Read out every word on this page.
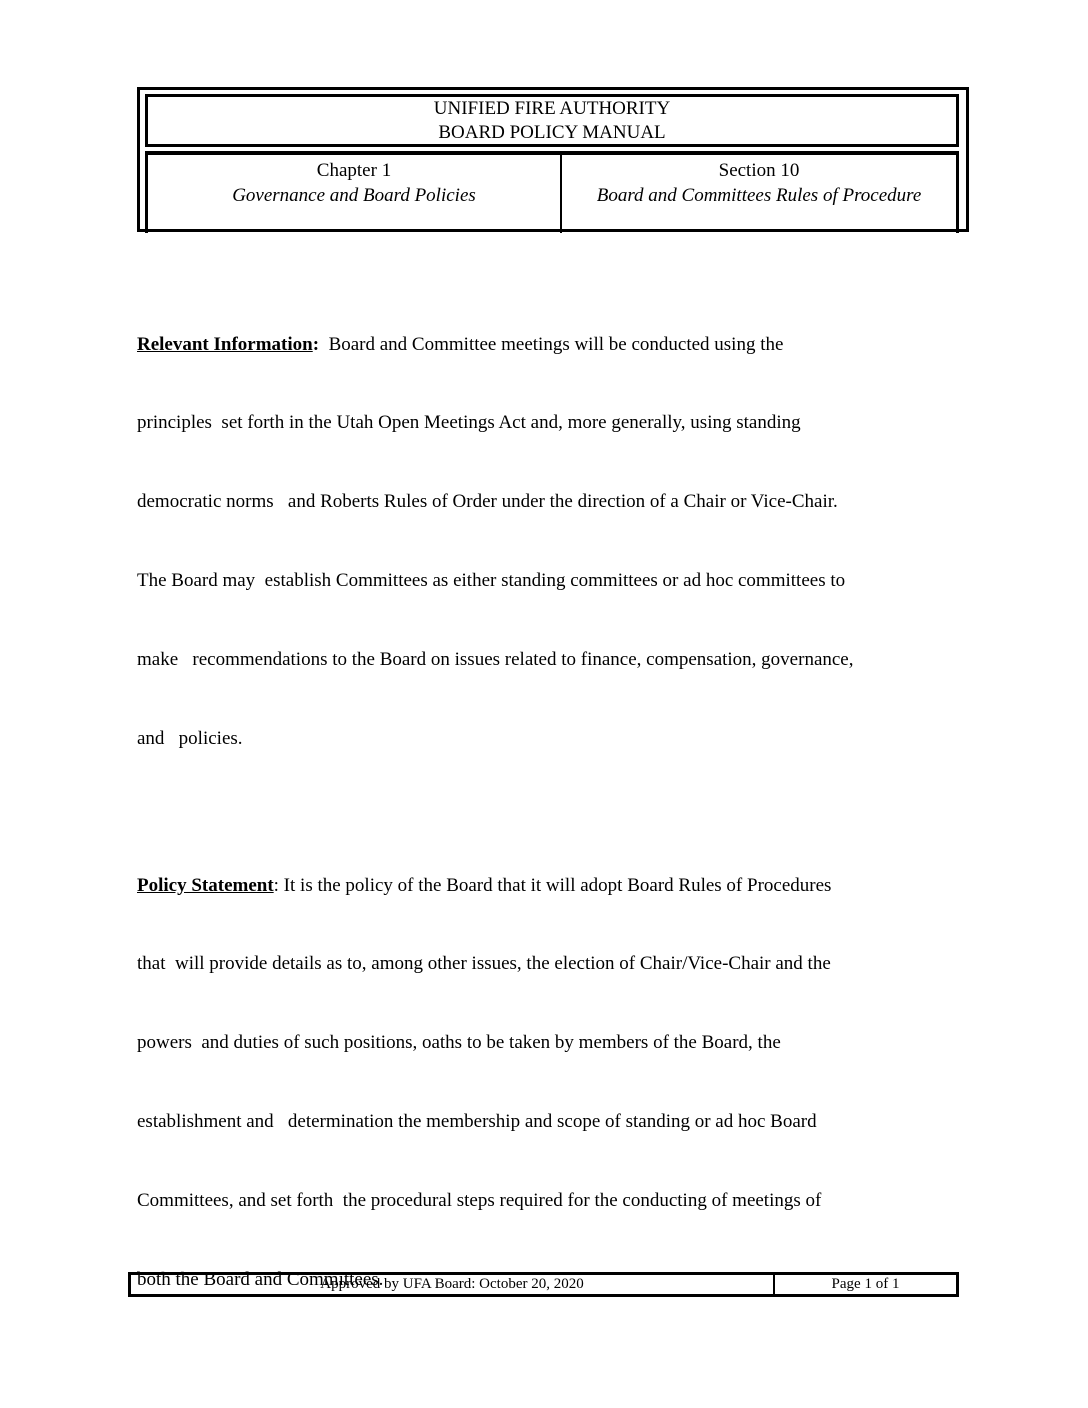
UNIFIED FIRE AUTHORITY
BOARD POLICY MANUAL
Chapter 1
Governance and Board Policies
Section 10
Board and Committees Rules of Procedure

Relevant Information:  Board and Committee meetings will be conducted using the

principles  set forth in the Utah Open Meetings Act and, more generally, using standing

democratic norms   and Roberts Rules of Order under the direction of a Chair or Vice-Chair.

The Board may  establish Committees as either standing committees or ad hoc committees to

make   recommendations to the Board on issues related to finance, compensation, governance,

and   policies.

Policy Statement: It is the policy of the Board that it will adopt Board Rules of Procedures

that  will provide details as to, among other issues, the election of Chair/Vice-Chair and the

powers  and duties of such positions, oaths to be taken by members of the Board, the

establishment and   determination the membership and scope of standing or ad hoc Board

Committees, and set forth  the procedural steps required for the conducting of meetings of

both the Board and Committees.

Approved by UFA Board: October 20, 2020	Page 1 of 1
